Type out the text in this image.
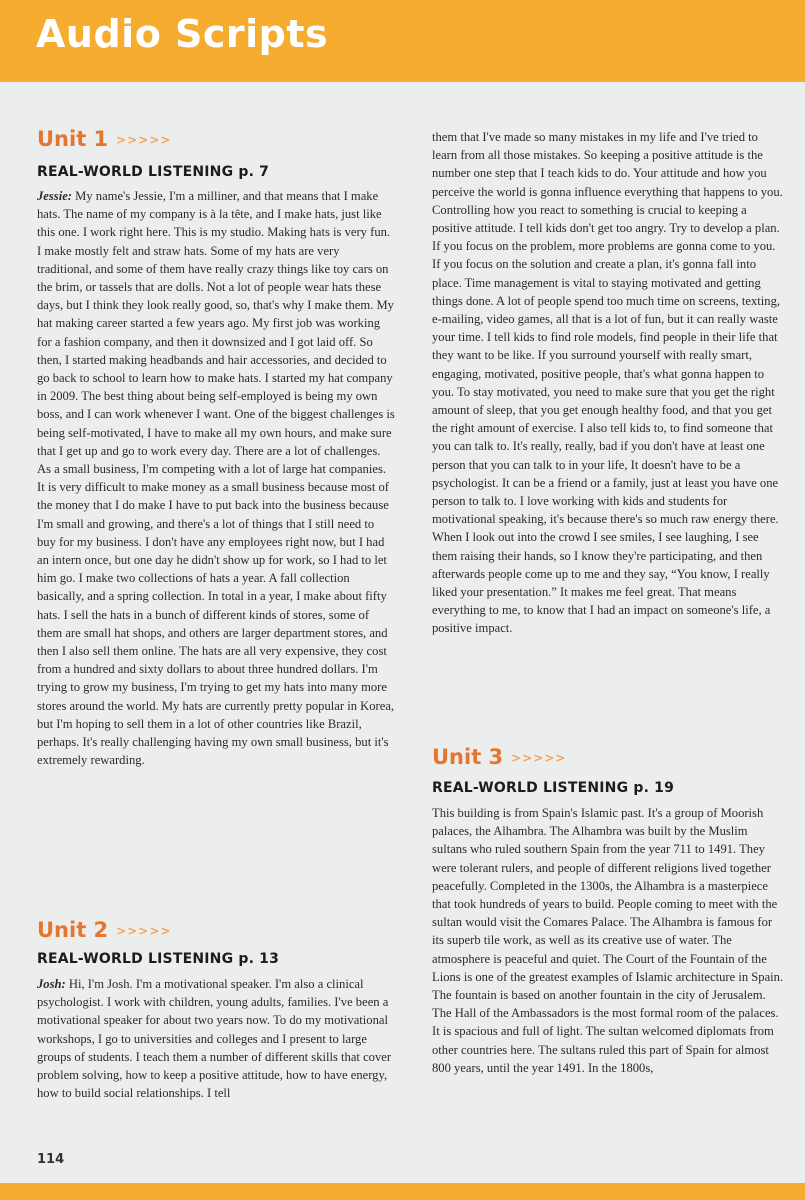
Audio Scripts
Unit 1 >>>>>
REAL-WORLD LISTENING p. 7
Jessie: My name's Jessie, I'm a milliner, and that means that I make hats. The name of my company is à la tête, and I make hats, just like this one. I work right here. This is my studio. Making hats is very fun. I make mostly felt and straw hats. Some of my hats are very traditional, and some of them have really crazy things like toy cars on the brim, or tassels that are dolls. Not a lot of people wear hats these days, but I think they look really good, so, that's why I make them. My hat making career started a few years ago. My first job was working for a fashion company, and then it downsized and I got laid off. So then, I started making headbands and hair accessories, and decided to go back to school to learn how to make hats. I started my hat company in 2009. The best thing about being self-employed is being my own boss, and I can work whenever I want. One of the biggest challenges is being self-motivated, I have to make all my own hours, and make sure that I get up and go to work every day. There are a lot of challenges. As a small business, I'm competing with a lot of large hat companies. It is very difficult to make money as a small business because most of the money that I do make I have to put back into the business because I'm small and growing, and there's a lot of things that I still need to buy for my business. I don't have any employees right now, but I had an intern once, but one day he didn't show up for work, so I had to let him go. I make two collections of hats a year. A fall collection basically, and a spring collection. In total in a year, I make about fifty hats. I sell the hats in a bunch of different kinds of stores, some of them are small hat shops, and others are larger department stores, and then I also sell them online. The hats are all very expensive, they cost from a hundred and sixty dollars to about three hundred dollars. I'm trying to grow my business, I'm trying to get my hats into many more stores around the world. My hats are currently pretty popular in Korea, but I'm hoping to sell them in a lot of other countries like Brazil, perhaps. It's really challenging having my own small business, but it's extremely rewarding.
Unit 2 >>>>>
REAL-WORLD LISTENING p. 13
Josh: Hi, I'm Josh. I'm a motivational speaker. I'm also a clinical psychologist. I work with children, young adults, families. I've been a motivational speaker for about two years now. To do my motivational workshops, I go to universities and colleges and I present to large groups of students. I teach them a number of different skills that cover problem solving, how to keep a positive attitude, how to have energy, how to build social relationships. I tell
them that I've made so many mistakes in my life and I've tried to learn from all those mistakes. So keeping a positive attitude is the number one step that I teach kids to do. Your attitude and how you perceive the world is gonna influence everything that happens to you. Controlling how you react to something is crucial to keeping a positive attitude. I tell kids don't get too angry. Try to develop a plan. If you focus on the problem, more problems are gonna come to you. If you focus on the solution and create a plan, it's gonna fall into place. Time management is vital to staying motivated and getting things done. A lot of people spend too much time on screens, texting, e-mailing, video games, all that is a lot of fun, but it can really waste your time. I tell kids to find role models, find people in their life that they want to be like. If you surround yourself with really smart, engaging, motivated, positive people, that's what gonna happen to you. To stay motivated, you need to make sure that you get the right amount of sleep, that you get enough healthy food, and that you get the right amount of exercise. I also tell kids to, to find someone that you can talk to. It's really, really, bad if you don't have at least one person that you can talk to in your life, It doesn't have to be a psychologist. It can be a friend or a family, just at least you have one person to talk to. I love working with kids and students for motivational speaking, it's because there's so much raw energy there. When I look out into the crowd I see smiles, I see laughing, I see them raising their hands, so I know they're participating, and then afterwards people come up to me and they say, “You know, I really liked your presentation.” It makes me feel great. That means everything to me, to know that I had an impact on someone's life, a positive impact.
Unit 3 >>>>>
REAL-WORLD LISTENING p. 19
This building is from Spain's Islamic past. It's a group of Moorish palaces, the Alhambra. The Alhambra was built by the Muslim sultans who ruled southern Spain from the year 711 to 1491. They were tolerant rulers, and people of different religions lived together peacefully. Completed in the 1300s, the Alhambra is a masterpiece that took hundreds of years to build. People coming to meet with the sultan would visit the Comares Palace. The Alhambra is famous for its superb tile work, as well as its creative use of water. The atmosphere is peaceful and quiet. The Court of the Fountain of the Lions is one of the greatest examples of Islamic architecture in Spain. The fountain is based on another fountain in the city of Jerusalem. The Hall of the Ambassadors is the most formal room of the palaces. It is spacious and full of light. The sultan welcomed diplomats from other countries here. The sultans ruled this part of Spain for almost 800 years, until the year 1491. In the 1800s,
114
